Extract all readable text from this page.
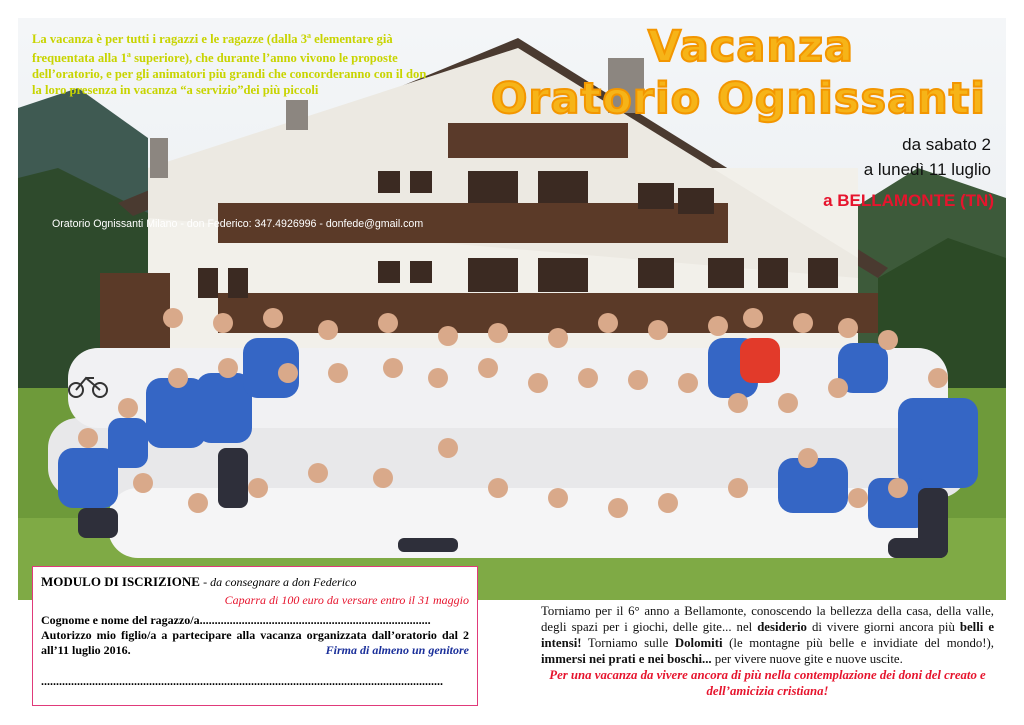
La vacanza è per tutti i ragazzi e le ragazze (dalla 3$^a$ elementare già frequentata alla 1$^a$ superiore), che durante l’anno vivono le proposte dell’oratorio, e per gli animatori più grandi che concorderanno con il don la loro presenza in vacanza “a servizio”dei più piccoli
Vacanza
Oratorio Ognissanti
da sabato 2
a lunedì 11 luglio
a BELLAMONTE (TN)
Oratorio Ognissanti Milano - don Federico: 347.4926996 - donfede@gmail.com
MODULO DI ISCRIZIONE - da consegnare a don Federico
Caparra di 100 euro da versare entro il 31 maggio
Cognome e nome del ragazzo/a.............................................................................
Autorizzo mio figlio/a a partecipare alla vacanza organizzata dall’oratorio dal 2 all’11 luglio 2016.	Firma di almeno un genitore
......................................................................................................................................
Torniamo per il 6° anno a Bellamonte, conoscendo la bellezza della casa, della valle, degli spazi per i giochi, delle gite... nel desiderio di vivere giorni ancora più belli e intensi! Torniamo sulle Dolomiti (le montagne più belle e invidiate del mondo!), immersi nei prati e nei boschi... per vivere nuove gite e nuove uscite.
Per una vacanza da vivere ancora di più nella contemplazione dei doni del creato e dell’amicizia cristiana!
